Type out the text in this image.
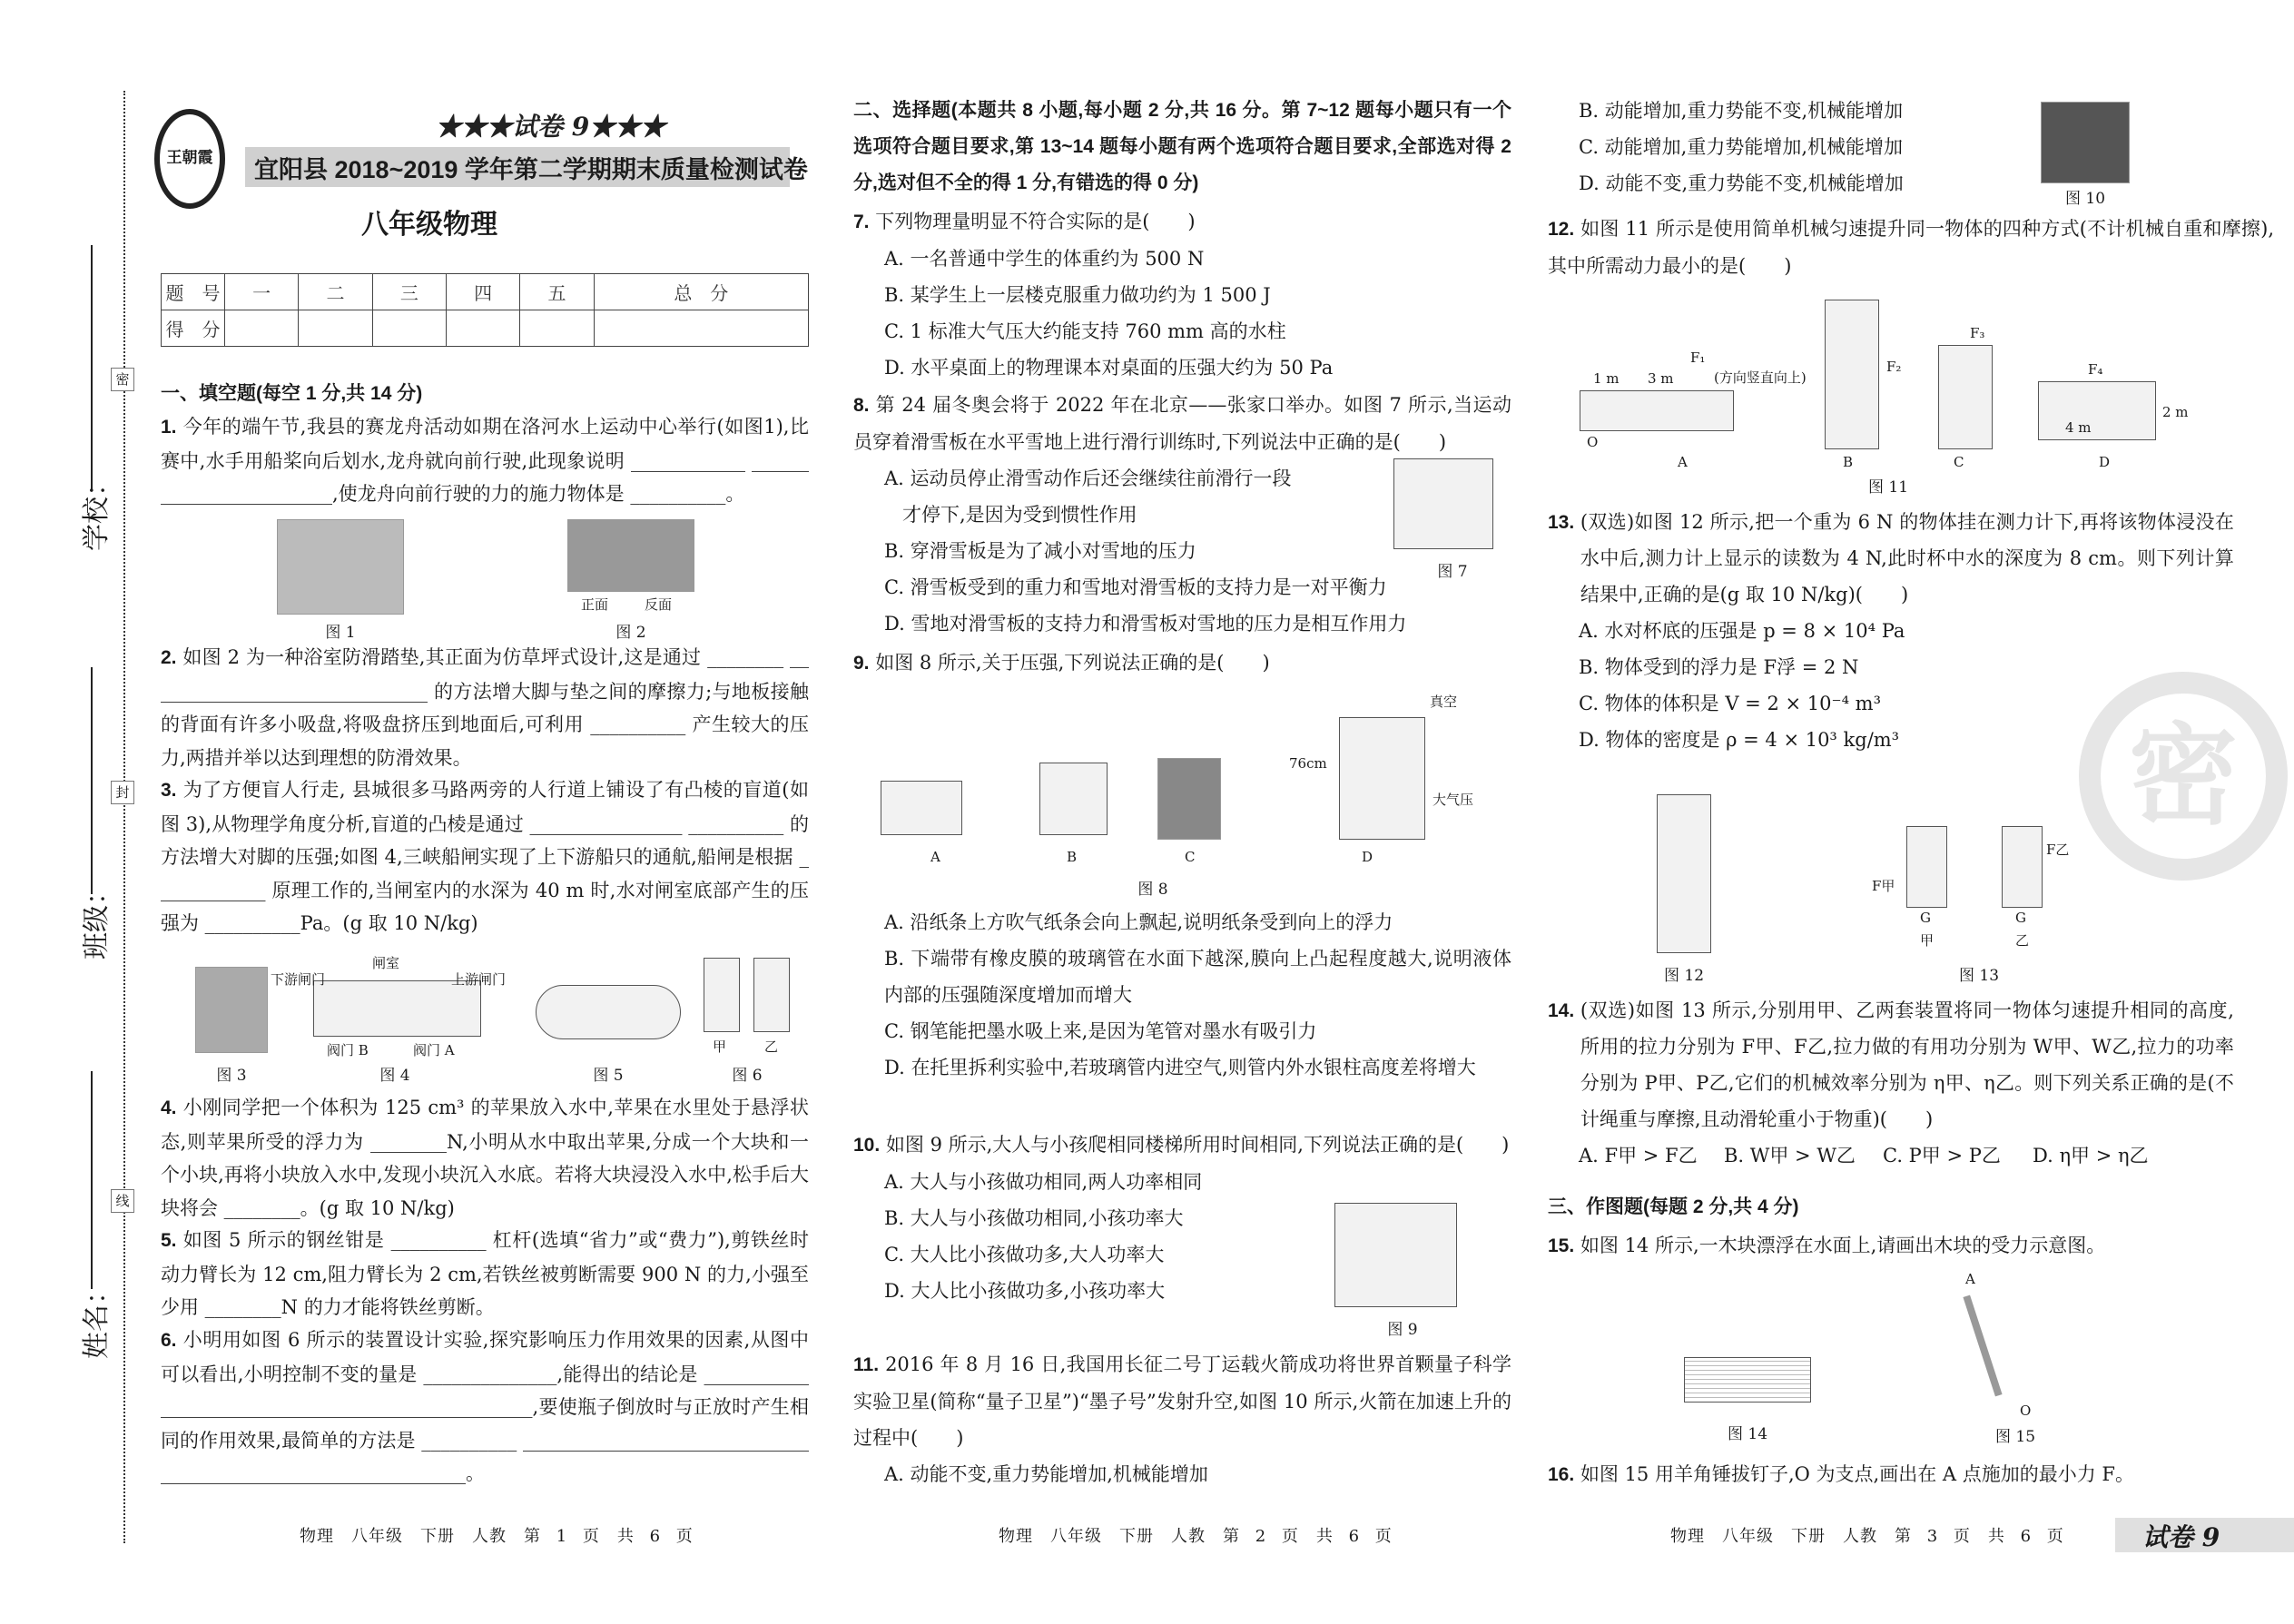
学校：
班级：
姓名：
密
封
线
王朝霞
★★★试卷 9★★★
宜阳县 2018~2019 学年第二学期期末质量检测试卷
八年级物理
题　号	一	二	三	四	五	总　分
得　分						
一、填空题(每空 1 分,共 14 分)
1. 今年的端午节,我县的赛龙舟活动如期在洛河水上运动中心举行(如图1),比赛中,水手用船桨向后划水,龙舟就向前行驶,此现象说明 ____________ ________________________,使龙舟向前行驶的力的施力物体是 __________。
图 1
正面	反面
图 2
2. 如图 2 为一种浴室防滑踏垫,其正面为仿草坪式设计,这是通过 ________ ______________________________ 的方法增大脚与垫之间的摩擦力;与地板接触的背面有许多小吸盘,将吸盘挤压到地面后,可利用 __________ 产生较大的压力,两措并举以达到理想的防滑效果。
3. 为了方便盲人行走, 县城很多马路两旁的人行道上铺设了有凸棱的盲道(如图 3),从物理学角度分析,盲道的凸棱是通过 ________________ __________ 的方法增大对脚的压强;如图 4,三峡船闸实现了上下游船只的通航,船闸是根据 ____________ 原理工作的,当闸室内的水深为 40 m 时,水对闸室底部产生的压强为 __________Pa。(g 取 10 N/kg)
图 3
闸室
下游闸门	上游闸门
阀门 B	阀门 A
图 4	图 5
甲	乙
图 6
4. 小刚同学把一个体积为 125 cm³ 的苹果放入水中,苹果在水里处于悬浮状态,则苹果所受的浮力为 ________N,小明从水中取出苹果,分成一个大块和一个小块,再将小块放入水中,发现小块沉入水底。若将大块浸没入水中,松手后大块将会 ________。(g 取 10 N/kg)
5. 如图 5 所示的钢丝钳是 __________ 杠杆(选填“省力”或“费力”),剪铁丝时动力臂长为 12 cm,阻力臂长为 2 cm,若铁丝被剪断需要 900 N 的力,小强至少用 ________N 的力才能将铁丝剪断。
6. 小明用如图 6 所示的装置设计实验,探究影响压力作用效果的因素,从图中可以看出,小明控制不变的量是 ______________,能得出的结论是 __________________________________________________,要使瓶子倒放时与正放时产生相同的作用效果,最简单的方法是 __________ ______________________________________________________________。
物理　八年级　下册　人教　第 1 页　共 6 页
二、选择题(本题共 8 小题,每小题 2 分,共 16 分。第 7~12 题每小题只有一个选项符合题目要求,第 13~14 题每小题有两个选项符合题目要求,全部选对得 2 分,选对但不全的得 1 分,有错选的得 0 分)
7. 下列物理量明显不符合实际的是(　　)
A. 一名普通中学生的体重约为 500 N
B. 某学生上一层楼克服重力做功约为 1 500 J
C. 1 标准大气压大约能支持 760 mm 高的水柱
D. 水平桌面上的物理课本对桌面的压强大约为 50 Pa
8. 第 24 届冬奥会将于 2022 年在北京——张家口举办。如图 7 所示,当运动员穿着滑雪板在水平雪地上进行滑行训练时,下列说法中正确的是(　　)
A. 运动员停止滑雪动作后还会继续往前滑行一段
才停下,是因为受到惯性作用
B. 穿滑雪板是为了减小对雪地的压力
C. 滑雪板受到的重力和雪地对滑雪板的支持力是一对平衡力
D. 雪地对滑雪板的支持力和滑雪板对雪地的压力是相互作用力
图 7
9. 如图 8 所示,关于压强,下列说法正确的是(　　)
A	B	C	D
真空
76cm
大气压
图 8
A. 沿纸条上方吹气纸条会向上飘起,说明纸条受到向上的浮力
B. 下端带有橡皮膜的玻璃管在水面下越深,膜向上凸起程度越大,说明液体内部的压强随深度增加而增大
C. 钢笔能把墨水吸上来,是因为笔管对墨水有吸引力
D. 在托里拆利实验中,若玻璃管内进空气,则管内外水银柱高度差将增大
10. 如图 9 所示,大人与小孩爬相同楼梯所用时间相同,下列说法正确的是(　　)
A. 大人与小孩做功相同,两人功率相同
B. 大人与小孩做功相同,小孩功率大
C. 大人比小孩做功多,大人功率大
D. 大人比小孩做功多,小孩功率大
图 9
11. 2016 年 8 月 16 日,我国用长征二号丁运载火箭成功将世界首颗量子科学实验卫星(简称“量子卫星”)“墨子号”发射升空,如图 10 所示,火箭在加速上升的过程中(　　)
A. 动能不变,重力势能增加,机械能增加
物理　八年级　下册　人教　第 2 页　共 6 页
密
B. 动能增加,重力势能不变,机械能增加
C. 动能增加,重力势能增加,机械能增加
D. 动能不变,重力势能不变,机械能增加
图 10
12. 如图 11 所示是使用简单机械匀速提升同一物体的四种方式(不计机械自重和摩擦),其中所需动力最小的是(　　)
A	B	C	D
1 m 3 m
F₁
(方向竖直向上)
F₂
F₃
F₄
4 m
2 m
O
图 11
13. (双选)如图 12 所示,把一个重为 6 N 的物体挂在测力计下,再将该物体浸没在水中后,测力计上显示的读数为 4 N,此时杯中水的深度为 8 cm。则下列计算结果中,正确的是(g 取 10 N/kg)(　　)
A. 水对杯底的压强是 p = 8 × 10⁴ Pa
B. 物体受到的浮力是 F浮 = 2 N
C. 物体的体积是 V = 2 × 10⁻⁴ m³
D. 物体的密度是 ρ = 4 × 10³ kg/m³
图 12
F甲
F乙
G	G
甲	乙
图 13
14. (双选)如图 13 所示,分别用甲、乙两套装置将同一物体匀速提升相同的高度,所用的拉力分别为 F甲、F乙,拉力做的有用功分别为 W甲、W乙,拉力的功率分别为 P甲、P乙,它们的机械效率分别为 η甲、η乙。则下列关系正确的是(不计绳重与摩擦,且动滑轮重小于物重)(　　)
A. F甲 > F乙 B. W甲 > W乙 C. P甲 > P乙 D. η甲 > η乙
三、作图题(每题 2 分,共 4 分)
15. 如图 14 所示,一木块漂浮在水面上,请画出木块的受力示意图。
图 14
A
O
图 15
16. 如图 15 用羊角锤拔钉子,O 为支点,画出在 A 点施加的最小力 F。
物理　八年级　下册　人教　第 3 页　共 6 页	试卷 9
